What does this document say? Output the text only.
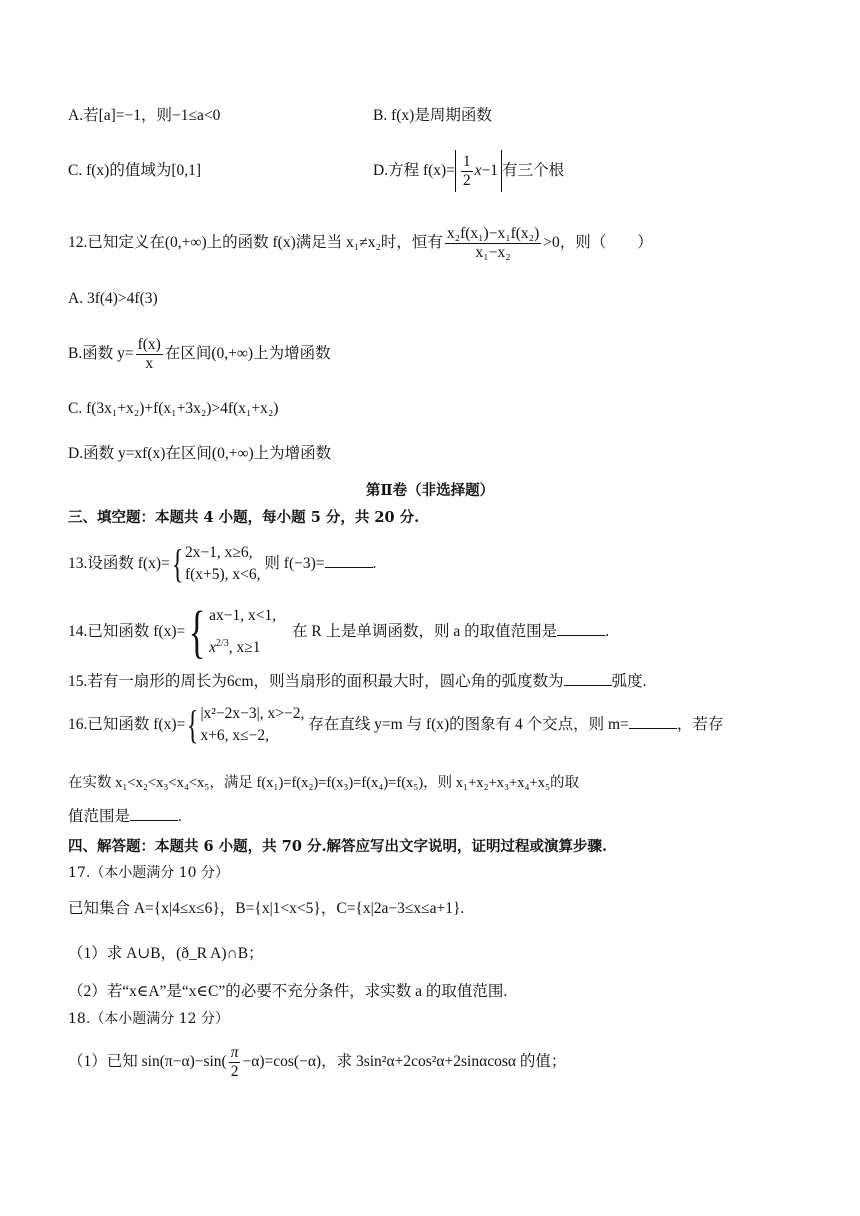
A.若[a]=−1，则−1≤a<0	B. f(x)是周期函数
C. f(x)的值域为[0,1]	D.方程 $f(x)= \frac{1}{2} x-1$ 有三个根
12.已知定义在(0,+∞)上的函数 f(x)满足当 x₁≠x₂时，恒有 $\frac{\text{x₂f(x₁)−x₁f(x₂)}}{\text{x₁−x₂}} >0$，则（　　）
A. 3f(4)>4f(3)
B.函数 $y= \frac{f(x)}{x}$ 在区间(0,+∞)上为增函数
C. f(3x₁+x₂)+f(x₁+3x₂)>4f(x₁+x₂)
D.函数 y=xf(x)在区间(0,+∞)上为增函数
第Ⅱ卷（非选择题）
三、填空题：本题共 4 小题，每小题 5 分，共 20 分.
13.设函数 f(x)={ 2x−1, x≥6,
f(x+5), x<6,
则 f(−3)=	.
14.已知函数 f(x)={ ax−1, x<1,
$x^{2/3}$, x≥1
在 R 上是单调函数，则 a 的取值范围是	.
15.若有一扇形的周长为6cm，则当扇形的面积最大时，圆心角的弧度数为	弧度.
16.已知函数 f(x)={ |x²−2x−3|, x>−2,
x+6, x≤−2,
存在直线 y=m 与 f(x)的图象有 4 个交点，则 m=	，若存
在实数 x₁<x₂<x₃<x₄<x₅，满足 f(x₁)=f(x₂)=f(x₃)=f(x₄)=f(x₅)，则 x₁+x₂+x₃+x₄+x₅的取
值范围是	.
四、解答题：本题共 6 小题，共 70 分.解答应写出文字说明，证明过程或演算步骤.
17.（本小题满分 10 分）
已知集合 A={x|4≤x≤6}，B={x|1<x<5}，C={x|2a−3≤x≤a+1}.
（1）求 A∪B，(ð_R A)∩B；
（2）若“x∈A”是“x∈C”的必要不充分条件，求实数 a 的取值范围.
18.（本小题满分 12 分）
（1）已知 $\sin(\pi-\alpha)-\sin( \frac{\pi}{2} -\alpha)=\cos(-\alpha)$，求 3sin²α+2cos²α+2sinαcosα 的值；
